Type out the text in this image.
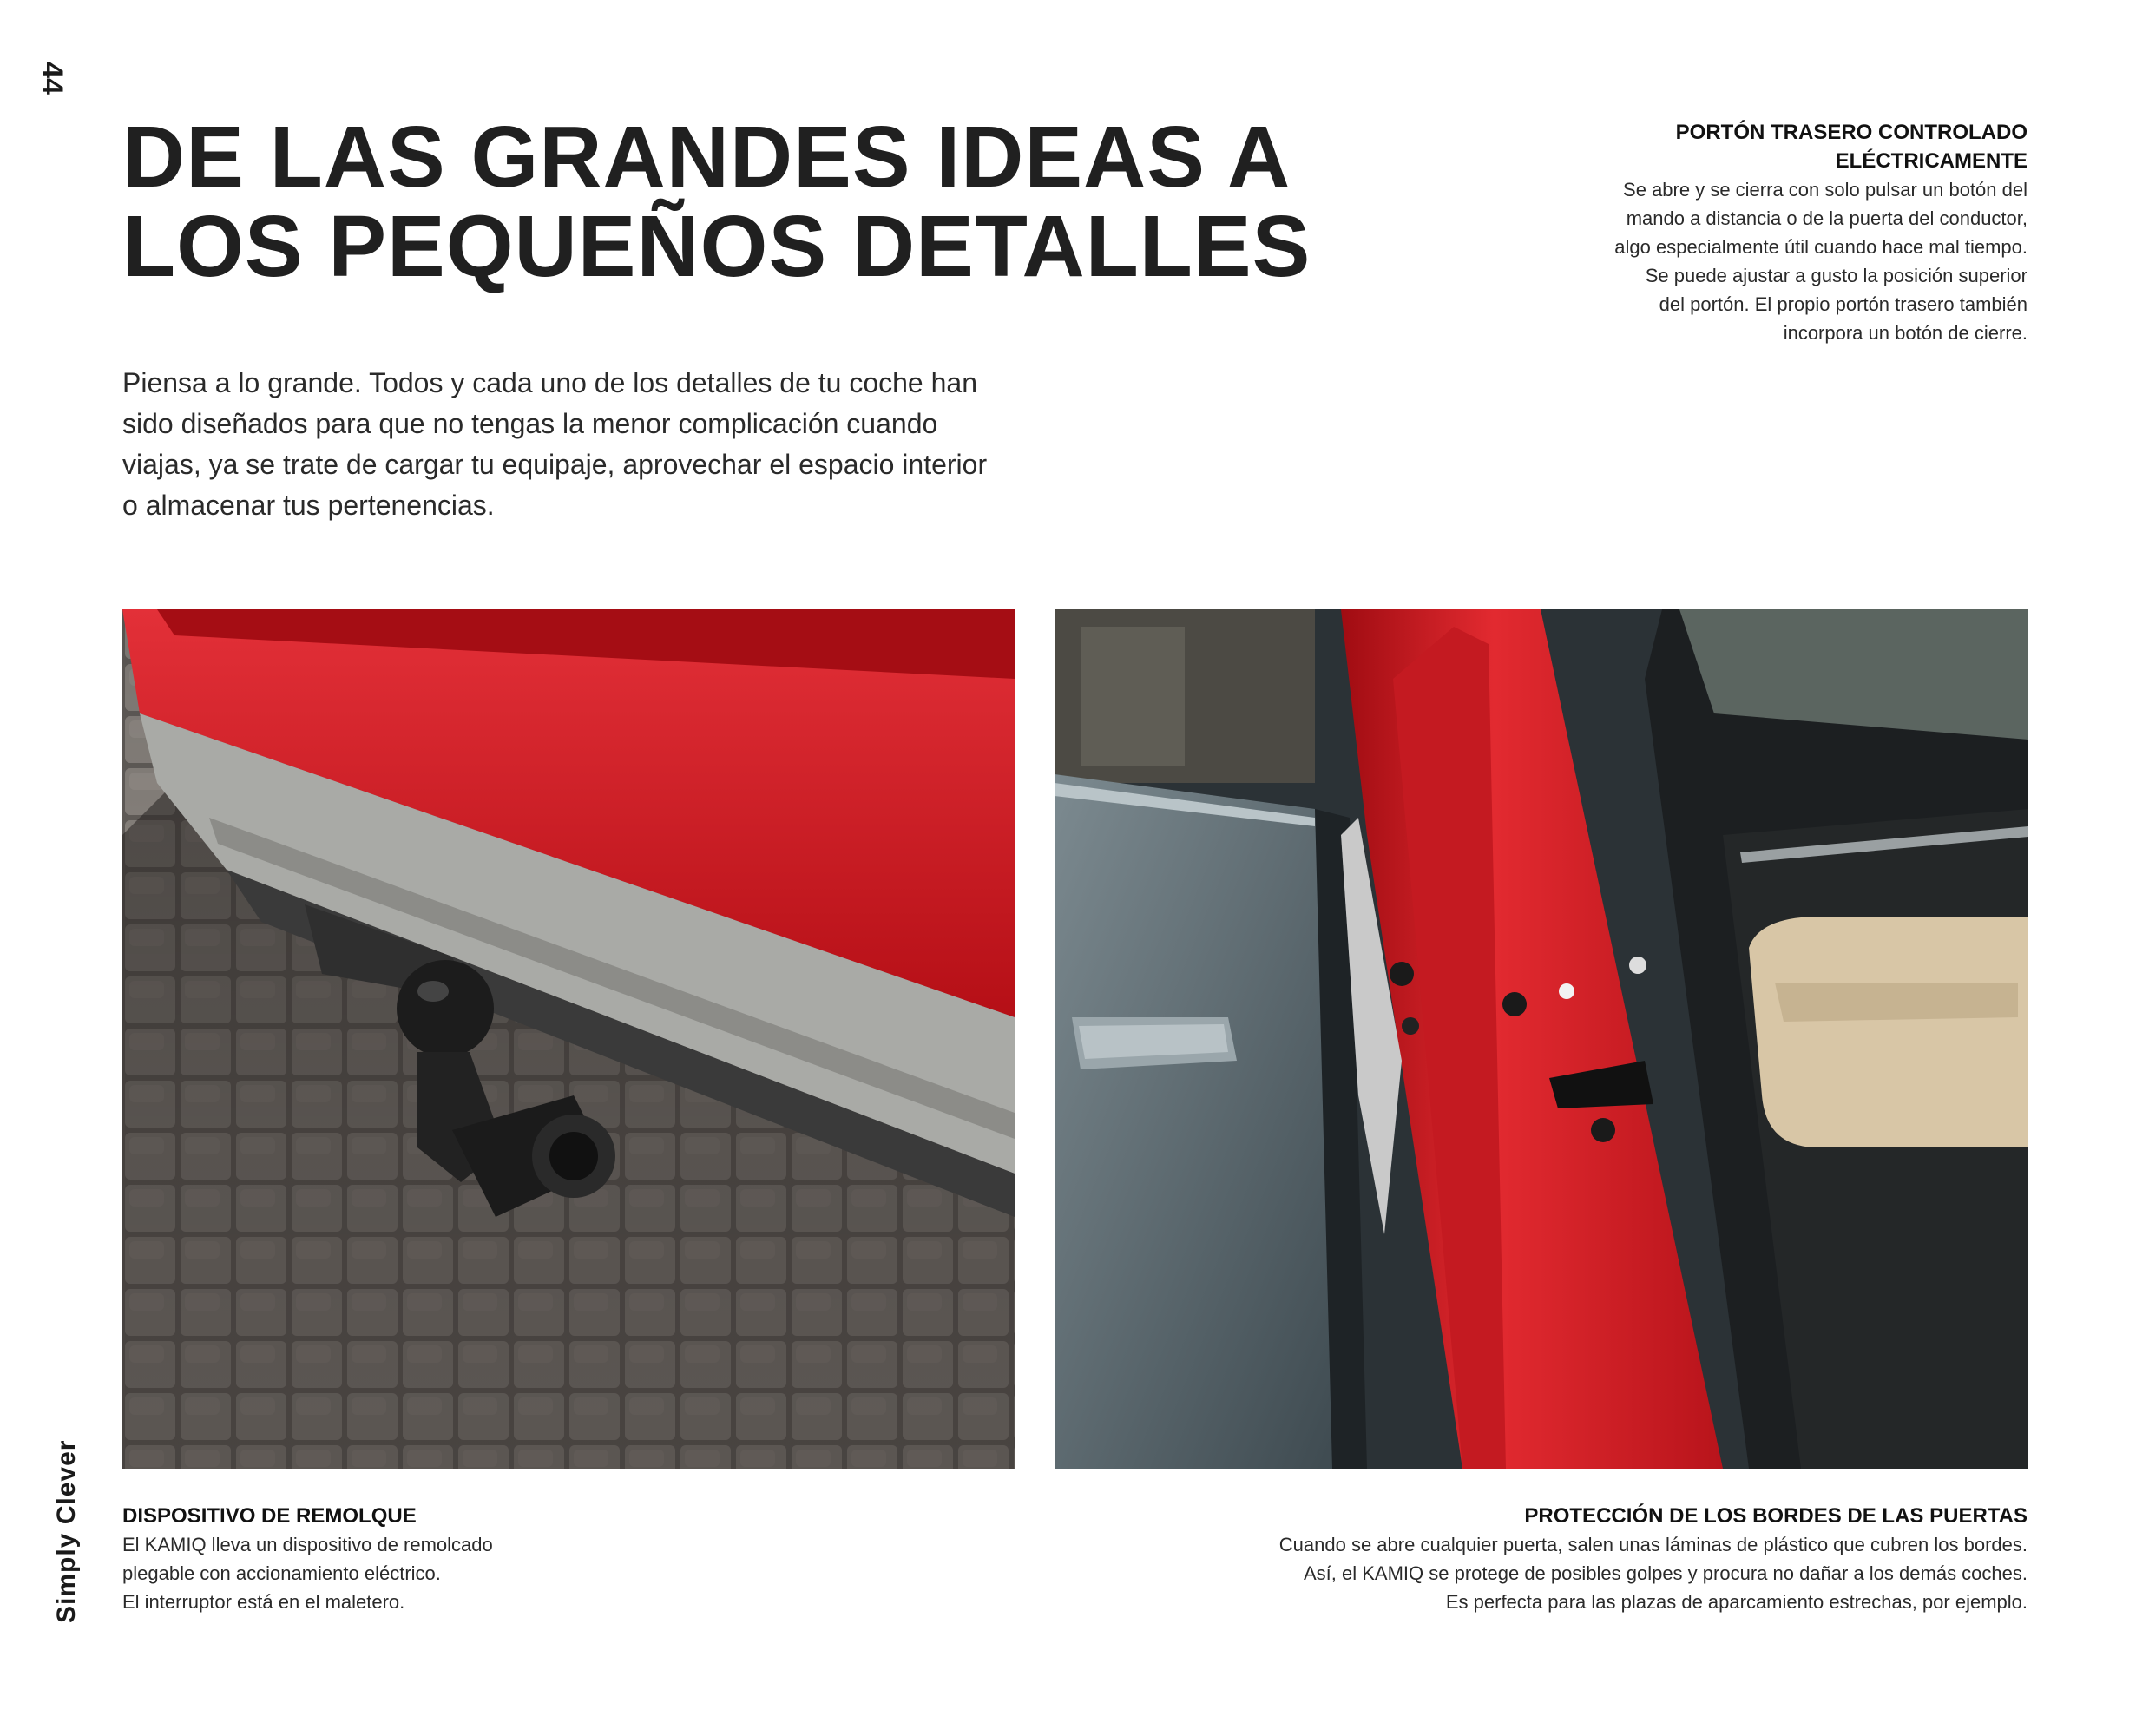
44
Simply Clever
DE LAS GRANDES IDEAS A
LOS PEQUEÑOS DETALLES
Piensa a lo grande. Todos y cada uno de los detalles de tu coche han
sido diseñados para que no tengas la menor complicación cuando
viajas, ya se trate de cargar tu equipaje, aprovechar el espacio interior
o almacenar tus pertenencias.
PORTÓN TRASERO CONTROLADO
ELÉCTRICAMENTE

Se abre y se cierra con solo pulsar un botón del

mando a distancia o de la puerta del conductor,

algo especialmente útil cuando hace mal tiempo.

Se puede ajustar a gusto la posición superior

del portón. El propio portón trasero también

incorpora un botón de cierre.

DISPOSITIVO DE REMOLQUE

El KAMIQ lleva un dispositivo de remolcado

plegable con accionamiento eléctrico.

El interruptor está en el maletero.

PROTECCIÓN DE LOS BORDES DE LAS PUERTAS

Cuando se abre cualquier puerta, salen unas láminas de plástico que cubren los bordes.

Así, el KAMIQ se protege de posibles golpes y procura no dañar a los demás coches.

Es perfecta para las plazas de aparcamiento estrechas, por ejemplo.
